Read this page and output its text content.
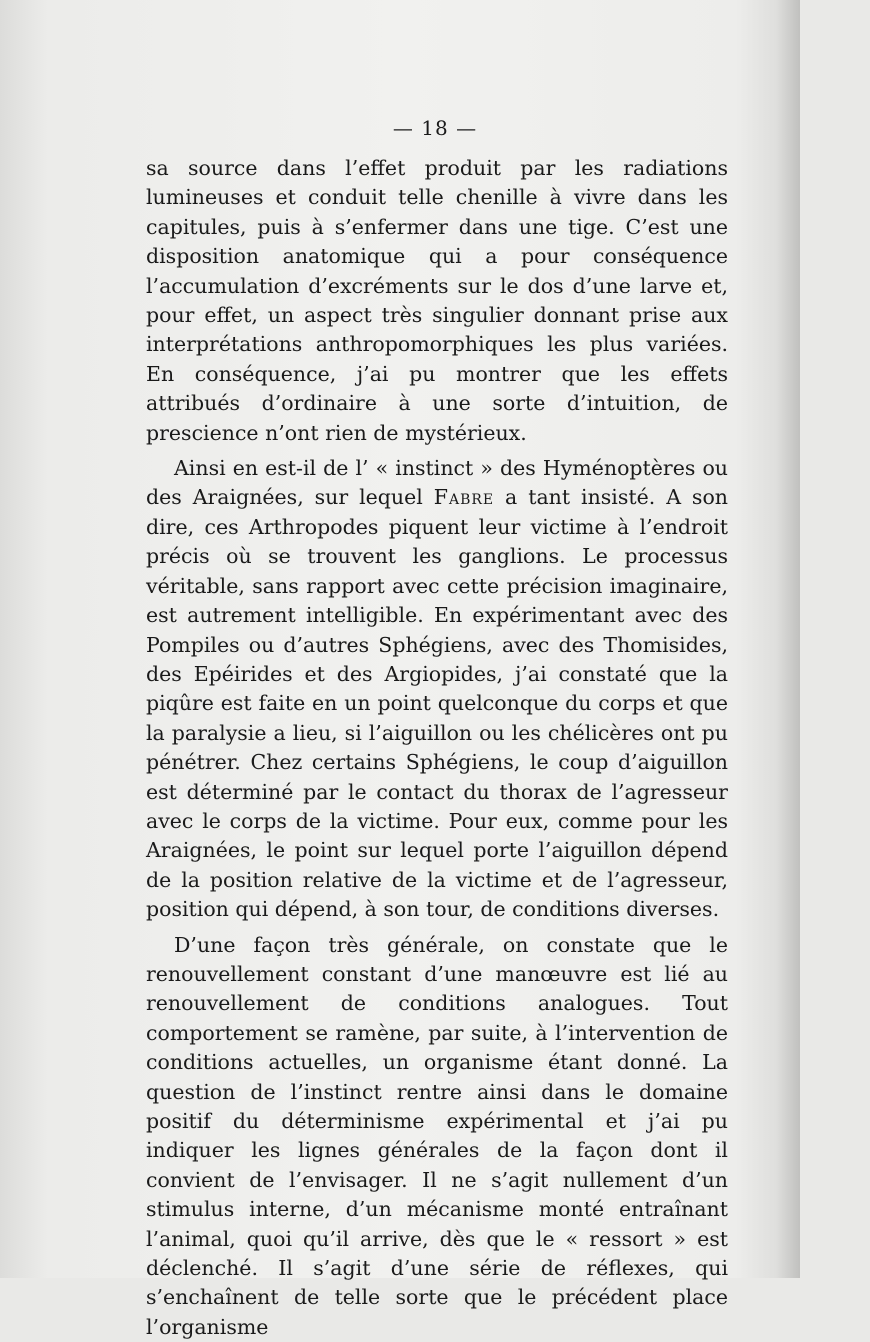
— 18 —

sa source dans l’effet produit par les radiations lumineuses et conduit telle chenille à vivre dans les capitules, puis à s’enfermer dans une tige. C’est une disposition anatomique qui a pour conséquence l’accumulation d’excréments sur le dos d’une larve et, pour effet, un aspect très singulier donnant prise aux interprétations anthropomorphiques les plus variées. En conséquence, j’ai pu montrer que les effets attribués d’ordinaire à une sorte d’intuition, de prescience n’ont rien de mystérieux.

Ainsi en est-il de l’ « instinct » des Hyménoptères ou des Araignées, sur lequel Fabre a tant insisté. A son dire, ces Arthropodes piquent leur victime à l’endroit précis où se trouvent les ganglions. Le processus véritable, sans rapport avec cette précision imaginaire, est autrement intelligible. En expérimentant avec des Pompiles ou d’autres Sphégiens, avec des Thomisides, des Epéirides et des Argiopides, j’ai constaté que la piqûre est faite en un point quelconque du corps et que la paralysie a lieu, si l’aiguillon ou les chélicères ont pu pénétrer. Chez certains Sphégiens, le coup d’aiguillon est déterminé par le contact du thorax de l’agresseur avec le corps de la victime. Pour eux, comme pour les Araignées, le point sur lequel porte l’aiguillon dépend de la position relative de la victime et de l’agresseur, position qui dépend, à son tour, de conditions diverses.

D’une façon très générale, on constate que le renouvellement constant d’une manœuvre est lié au renouvellement de conditions analogues. Tout comportement se ramène, par suite, à l’intervention de conditions actuelles, un organisme étant donné. La question de l’instinct rentre ainsi dans le domaine positif du déterminisme expérimental et j’ai pu indiquer les lignes générales de la façon dont il convient de l’envisager. Il ne s’agit nullement d’un stimulus interne, d’un mécanisme monté entraînant l’animal, quoi qu’il arrive, dès que le « ressort » est déclenché. Il s’agit d’une série de réflexes, qui s’enchaînent de telle sorte que le précédent place l’organisme
